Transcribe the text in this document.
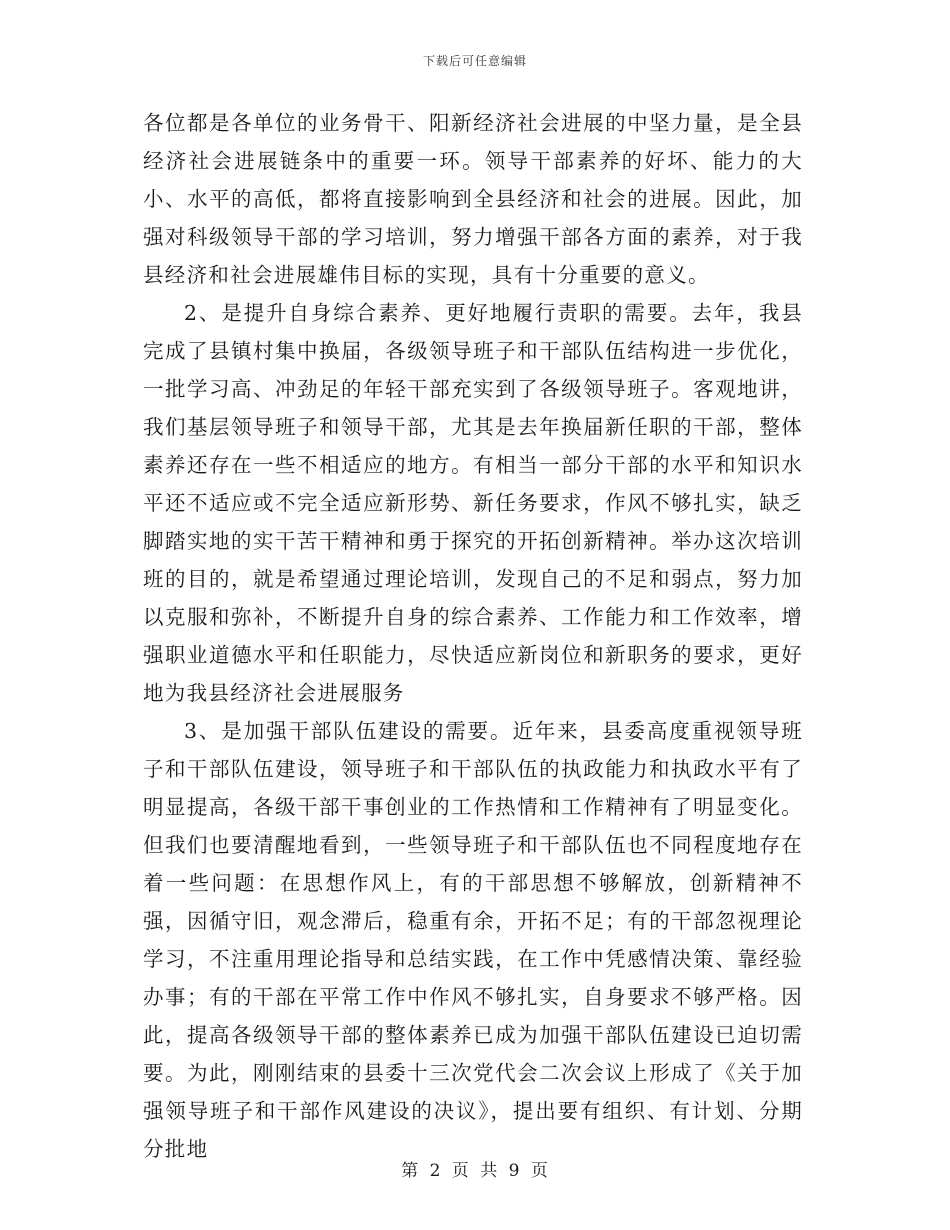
下载后可任意编辑

各位都是各单位的业务骨干、阳新经济社会进展的中坚力量，是全县经济社会进展链条中的重要一环。领导干部素养的好坏、能力的大小、水平的高低，都将直接影响到全县经济和社会的进展。因此，加强对科级领导干部的学习培训，努力增强干部各方面的素养，对于我县经济和社会进展雄伟目标的实现，具有十分重要的意义。

2、是提升自身综合素养、更好地履行责职的需要。去年，我县完成了县镇村集中换届，各级领导班子和干部队伍结构进一步优化，一批学习高、冲劲足的年轻干部充实到了各级领导班子。客观地讲，我们基层领导班子和领导干部，尤其是去年换届新任职的干部，整体素养还存在一些不相适应的地方。有相当一部分干部的水平和知识水平还不适应或不完全适应新形势、新任务要求，作风不够扎实，缺乏脚踏实地的实干苦干精神和勇于探究的开拓创新精神。举办这次培训班的目的，就是希望通过理论培训，发现自己的不足和弱点，努力加以克服和弥补，不断提升自身的综合素养、工作能力和工作效率，增强职业道德水平和任职能力，尽快适应新岗位和新职务的要求，更好地为我县经济社会进展服务

3、是加强干部队伍建设的需要。近年来，县委高度重视领导班子和干部队伍建设，领导班子和干部队伍的执政能力和执政水平有了明显提高，各级干部干事创业的工作热情和工作精神有了明显变化。但我们也要清醒地看到，一些领导班子和干部队伍也不同程度地存在着一些问题：在思想作风上，有的干部思想不够解放，创新精神不强，因循守旧，观念滞后，稳重有余，开拓不足；有的干部忽视理论学习，不注重用理论指导和总结实践，在工作中凭感情决策、靠经验办事；有的干部在平常工作中作风不够扎实，自身要求不够严格。因此，提高各级领导干部的整体素养已成为加强干部队伍建设已迫切需要。为此，刚刚结束的县委十三次党代会二次会议上形成了《关于加强领导班子和干部作风建设的决议》，提出要有组织、有计划、分期分批地

第 2 页 共 9 页
